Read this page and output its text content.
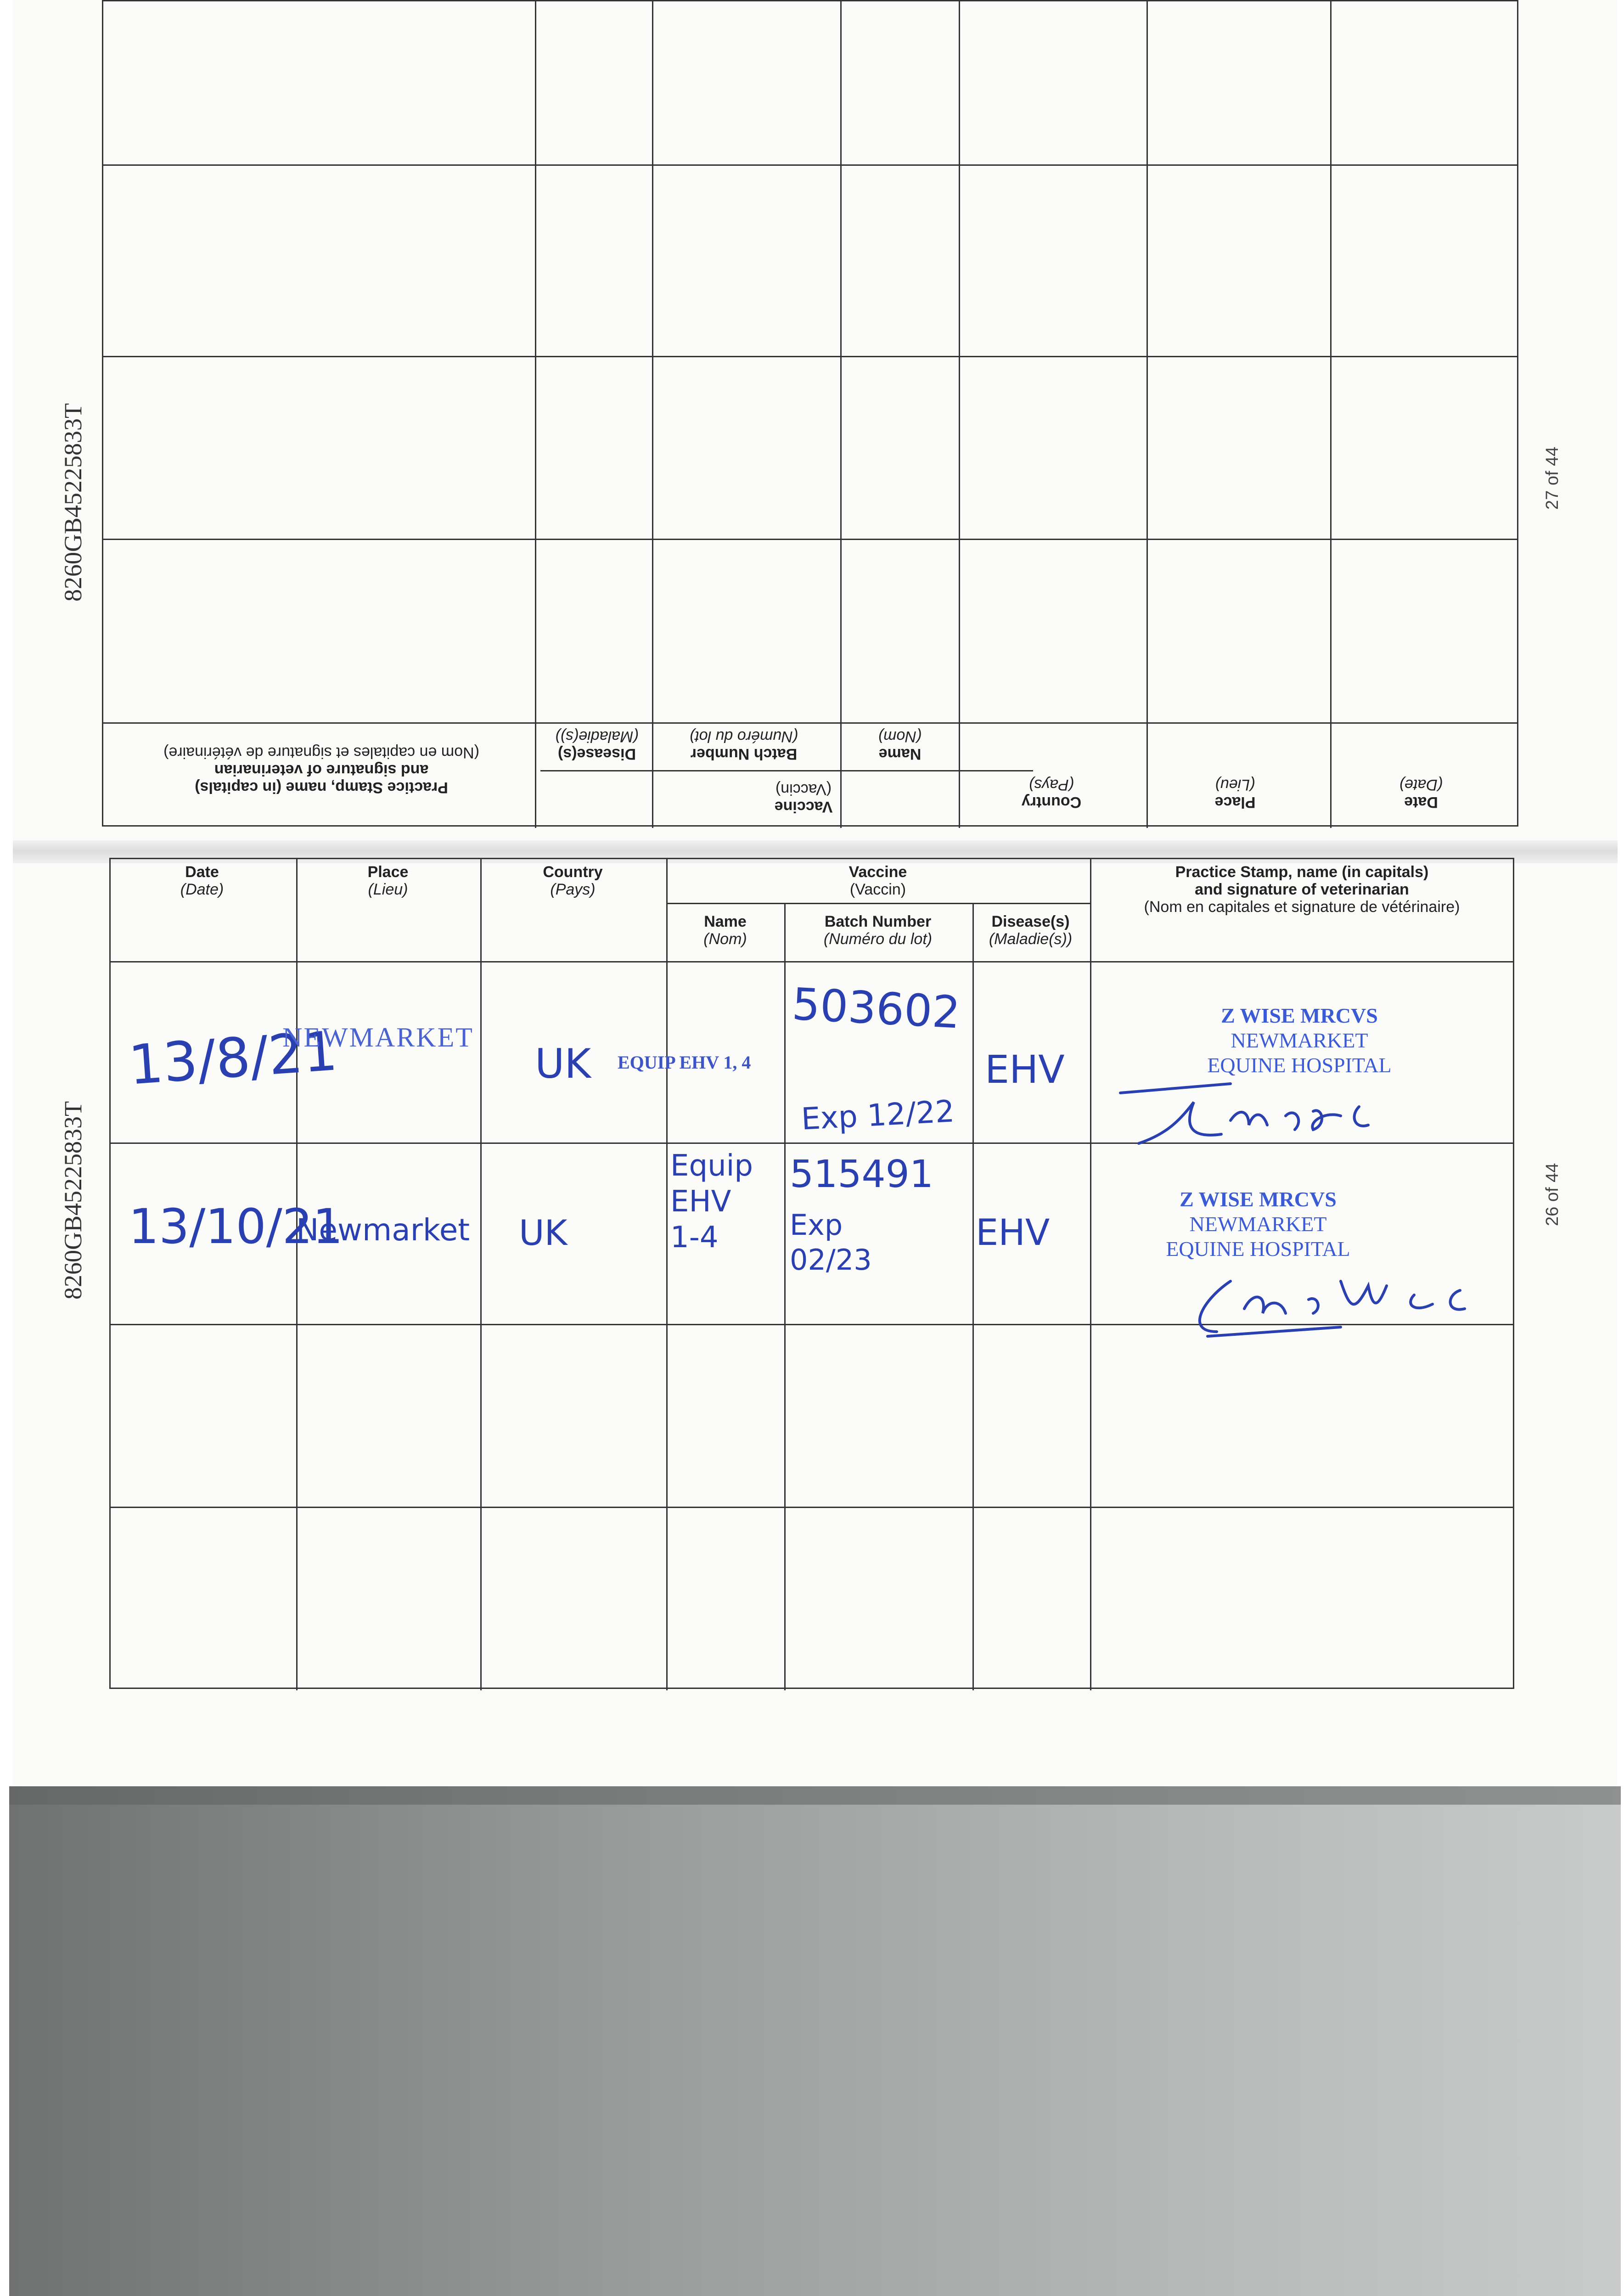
8260GB45225833T
8260GB45225833T
27 of 44
26 of 44
Date
(Date)
Place
(Lieu)
Country
(Pays)
Vaccine
(Vaccin)
Name
(Nom)
Batch Number
(Numéro du lot)
Disease(s)
(Maladie(s))
Practice Stamp, name (in capitals)
and signature of veterinarian
(Nom en capitales et signature de vétérinaire)
Date
(Date)
Place
(Lieu)
Country
(Pays)
Vaccine
(Vaccin)
Name
(Nom)
Batch Number
(Numéro du lot)
Disease(s)
(Maladie(s))
Practice Stamp, name (in capitals)
and signature of veterinarian
(Nom en capitales et signature de vétérinaire)
13/8/21
NEWMARKET
UK EQUIP EHV 1, 4
503602
Exp 12/22
EHV
Z WISE MRCVS
NEWMARKET
EQUINE HOSPITAL
13/10/21
Newmarket UK
Equip
EHV
1-4
515491
Exp
02/23
EHV
Z WISE MRCVS
NEWMARKET
EQUINE HOSPITAL
